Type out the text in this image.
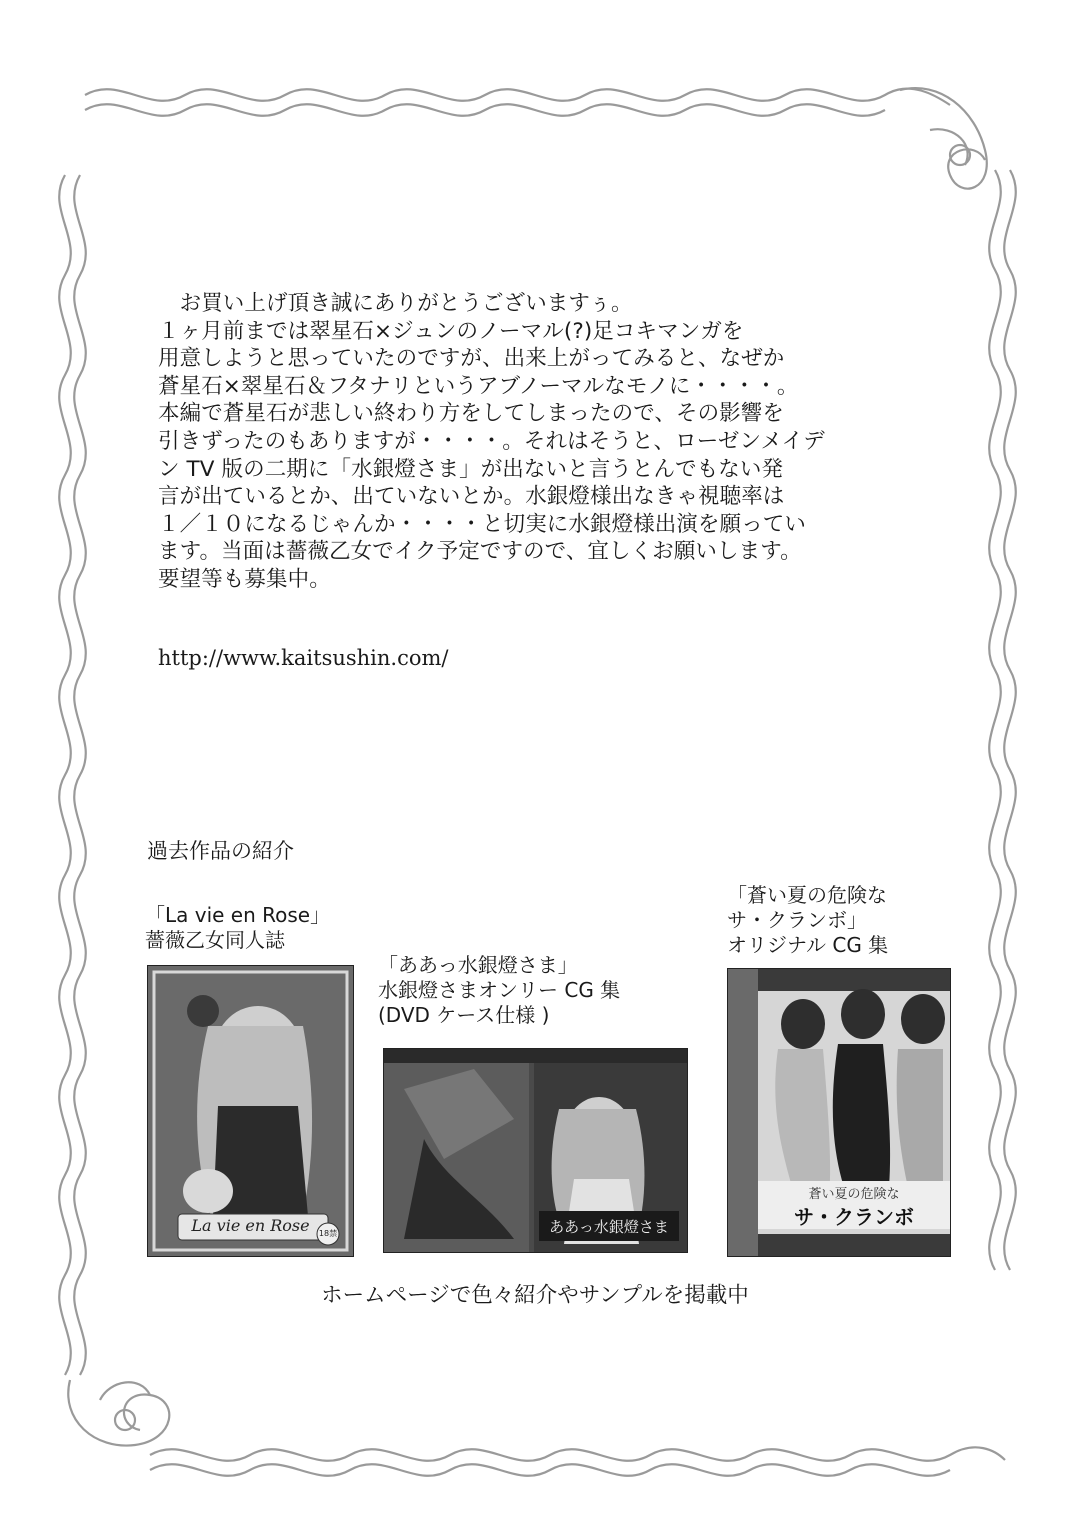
　お買い上げ頂き誠にありがとうございますぅ。
１ヶ月前までは翠星石×ジュンのノーマル(?)足コキマンガを
用意しようと思っていたのですが、出来上がってみると、なぜか
蒼星石×翠星石＆フタナリというアブノーマルなモノに・・・・。
本編で蒼星石が悲しい終わり方をしてしまったので、その影響を
引きずったのもありますが・・・・。それはそうと、ローゼンメイデ
ン TV 版の二期に「水銀燈さま」が出ないと言うとんでもない発
言が出ているとか、出ていないとか。水銀燈様出なきゃ視聴率は
１／１０になるじゃんか・・・・と切実に水銀燈様出演を願ってい
ます。当面は薔薇乙女でイク予定ですので、宜しくお願いします。
要望等も募集中。
http://www.kaitsushin.com/
過去作品の紹介
「La vie en Rose」
薔薇乙女同人誌
La vie en Rose	18禁
「ああっ水銀燈さま」
水銀燈さまオンリー CG 集
(DVD ケース仕様 )
ああっ水銀燈さま
「蒼い夏の危険な
サ・クランボ」
オリジナル CG 集
蒼い夏の危険な
サ・クランボ
ホームページで色々紹介やサンプルを掲載中
